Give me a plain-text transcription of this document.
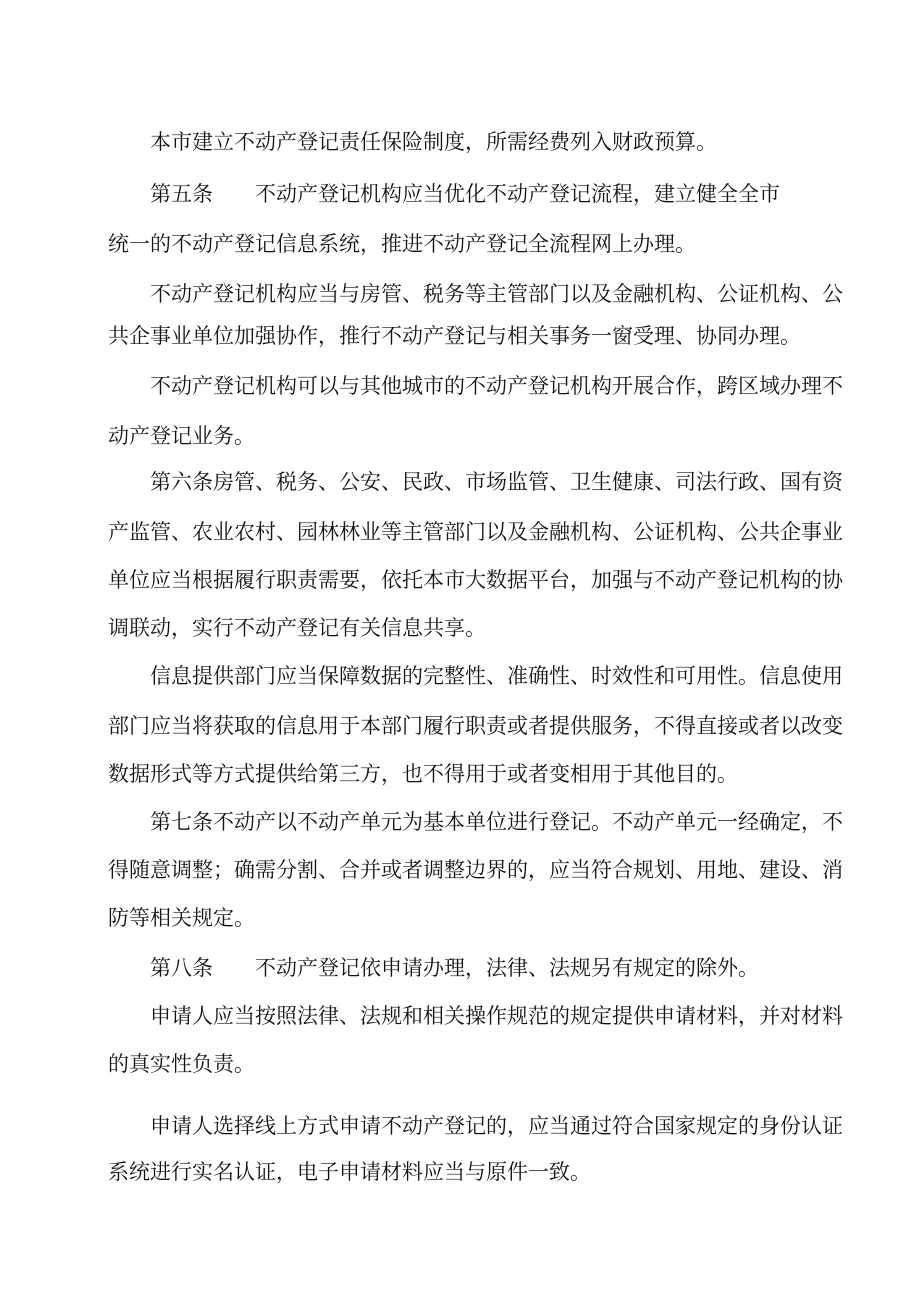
本市建立不动产登记责任保险制度，所需经费列入财政预算。
第五条 不动产登记机构应当优化不动产登记流程，建立健全全市
统一的不动产登记信息系统，推进不动产登记全流程网上办理。
不动产登记机构应当与房管、税务等主管部门以及金融机构、公证机构、公
共企事业单位加强协作，推行不动产登记与相关事务一窗受理、协同办理。
不动产登记机构可以与其他城市的不动产登记机构开展合作，跨区域办理不
动产登记业务。
第六条房管、税务、公安、民政、市场监管、卫生健康、司法行政、国有资
产监管、农业农村、园林林业等主管部门以及金融机构、公证机构、公共企事业
单位应当根据履行职责需要，依托本市大数据平台，加强与不动产登记机构的协
调联动，实行不动产登记有关信息共享。
信息提供部门应当保障数据的完整性、准确性、时效性和可用性。信息使用
部门应当将获取的信息用于本部门履行职责或者提供服务，不得直接或者以改变
数据形式等方式提供给第三方，也不得用于或者变相用于其他目的。
第七条不动产以不动产单元为基本单位进行登记。不动产单元一经确定，不
得随意调整；确需分割、合并或者调整边界的，应当符合规划、用地、建设、消
防等相关规定。
第八条 不动产登记依申请办理，法律、法规另有规定的除外。
申请人应当按照法律、法规和相关操作规范的规定提供申请材料，并对材料
的真实性负责。
申请人选择线上方式申请不动产登记的，应当通过符合国家规定的身份认证
系统进行实名认证，电子申请材料应当与原件一致。
